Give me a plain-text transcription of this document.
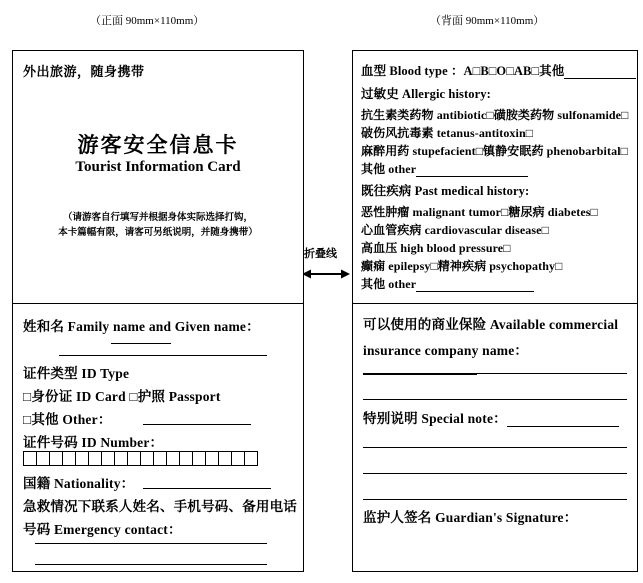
（正面 90mm×110mm）	（背面 90mm×110mm）
折叠线
外出旅游，随身携带
游客安全信息卡
Tourist Information Card
（请游客自行填写并根据身体实际选择打钩，
本卡篇幅有限，请客可另纸说明，并随身携带）
姓和名 Family name and Given name：
证件类型 ID Type
□身份证 ID Card □护照 Passport
□其他 Other：
证件号码 ID Number：
国籍 Nationality：
急救情况下联系人姓名、手机号码、备用电话
号码 Emergency contact：
血型 Blood type ：A□B□O□AB□其他
过敏史 Allergic history:
抗生素类药物 antibiotic□磺胺类药物 sulfonamide□
破伤风抗毒素 tetanus-antitoxin□
麻醉用药 stupefacient□镇静安眠药 phenobarbital□
其他 other
既往疾病 Past medical history:
恶性肿瘤 malignant tumor□糖尿病 diabetes□
心血管疾病 cardiovascular disease□
高血压 high blood pressure□
癫痫 epilepsy□精神疾病 psychopathy□
其他 other
可以使用的商业保险 Available commercial
insurance company name：
特别说明 Special note：
监护人签名 Guardian's Signature：
